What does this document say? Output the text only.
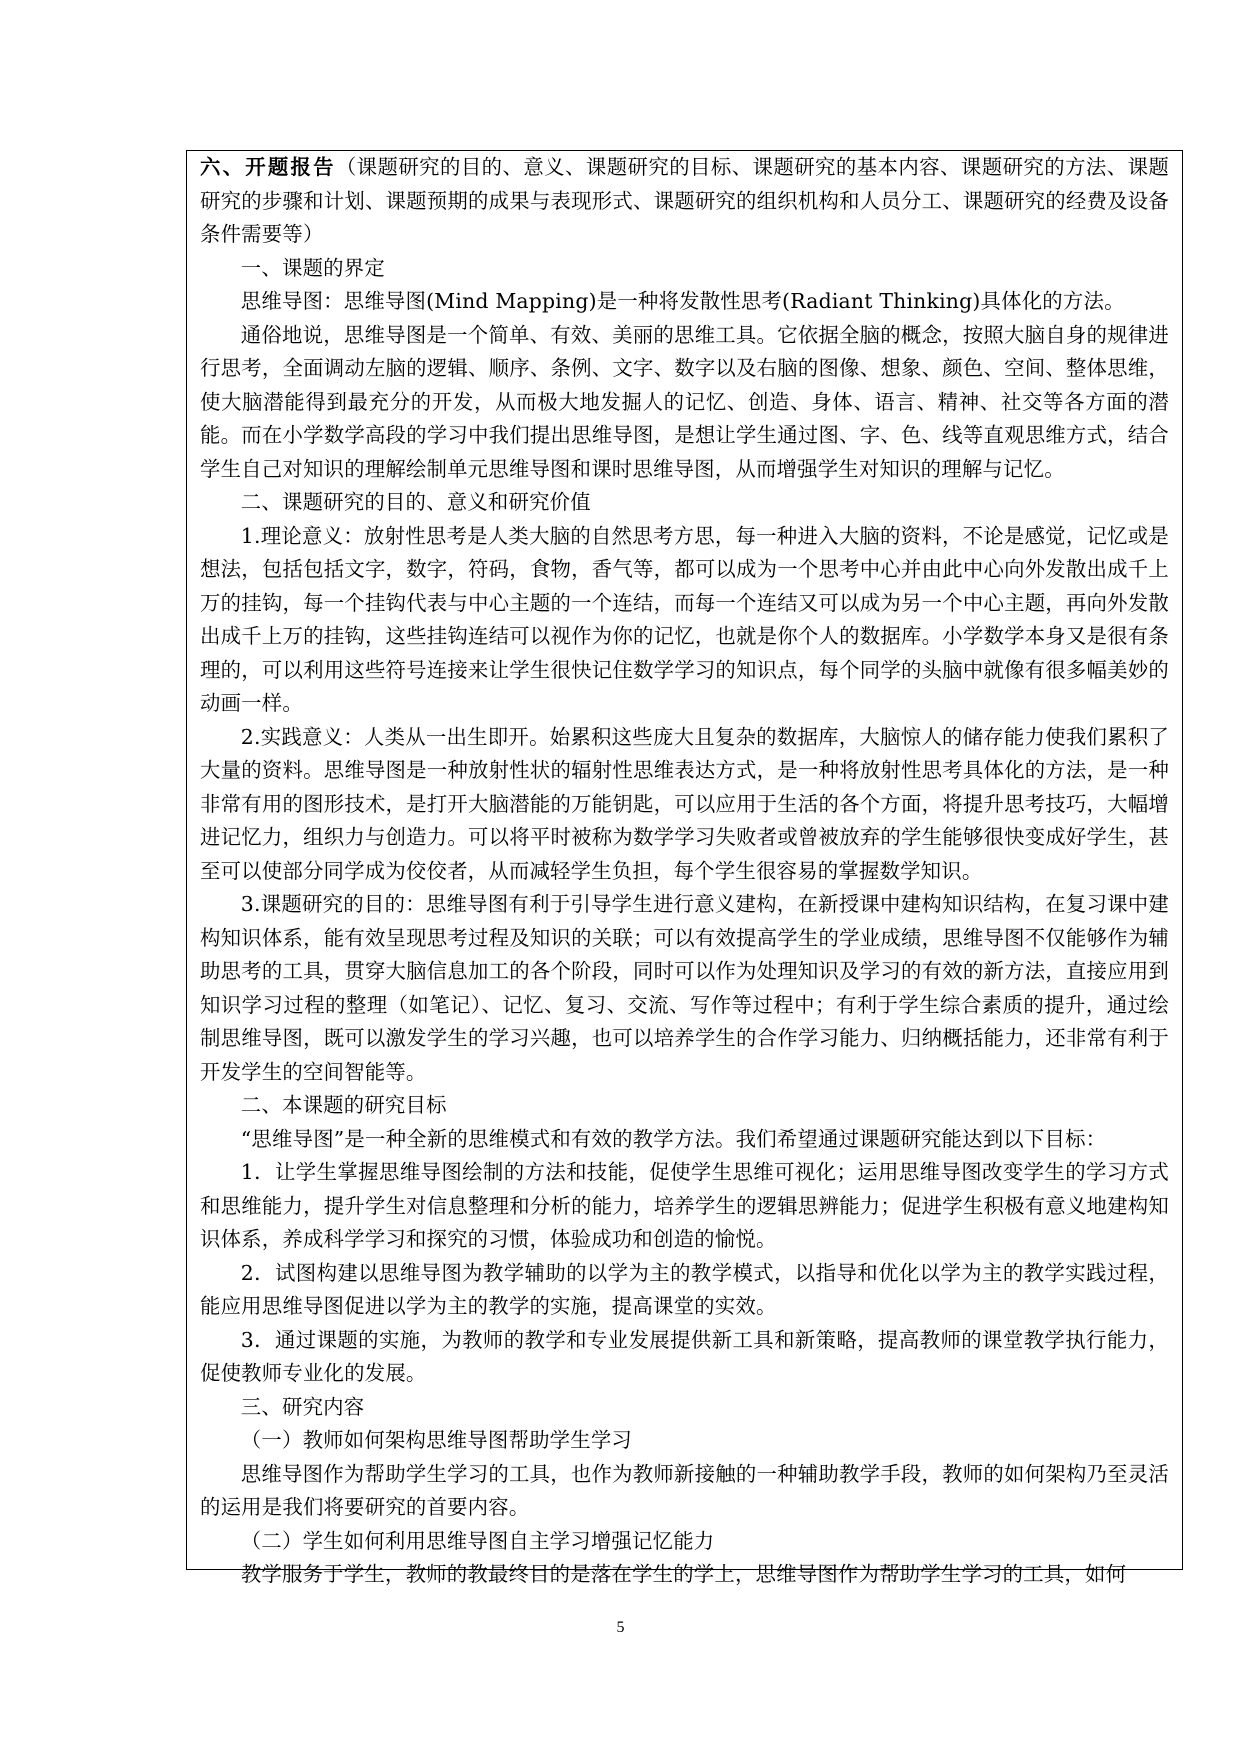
六、开题报告（课题研究的目的、意义、课题研究的目标、课题研究的基本内容、课题研究的方法、课题研究的步骤和计划、课题预期的成果与表现形式、课题研究的组织机构和人员分工、课题研究的经费及设备条件需要等）

一、课题的界定

思维导图：思维导图(Mind Mapping)是一种将发散性思考(Radiant Thinking)具体化的方法。

通俗地说，思维导图是一个简单、有效、美丽的思维工具。它依据全脑的概念，按照大脑自身的规律进行思考，全面调动左脑的逻辑、顺序、条例、文字、数字以及右脑的图像、想象、颜色、空间、整体思维，使大脑潜能得到最充分的开发，从而极大地发掘人的记忆、创造、身体、语言、精神、社交等各方面的潜能。而在小学数学高段的学习中我们提出思维导图，是想让学生通过图、字、色、线等直观思维方式，结合学生自己对知识的理解绘制单元思维导图和课时思维导图，从而增强学生对知识的理解与记忆。

二、课题研究的目的、意义和研究价值

1.理论意义：放射性思考是人类大脑的自然思考方思，每一种进入大脑的资料，不论是感觉，记忆或是想法，包括包括文字，数字，符码，食物，香气等，都可以成为一个思考中心并由此中心向外发散出成千上万的挂钩，每一个挂钩代表与中心主题的一个连结，而每一个连结又可以成为另一个中心主题，再向外发散出成千上万的挂钩，这些挂钩连结可以视作为你的记忆，也就是你个人的数据库。小学数学本身又是很有条理的，可以利用这些符号连接来让学生很快记住数学学习的知识点，每个同学的头脑中就像有很多幅美妙的动画一样。

2.实践意义：人类从一出生即开。始累积这些庞大且复杂的数据库，大脑惊人的储存能力使我们累积了大量的资料。思维导图是一种放射性状的辐射性思维表达方式，是一种将放射性思考具体化的方法，是一种非常有用的图形技术，是打开大脑潜能的万能钥匙，可以应用于生活的各个方面，将提升思考技巧，大幅增进记忆力，组织力与创造力。可以将平时被称为数学学习失败者或曾被放弃的学生能够很快变成好学生，甚至可以使部分同学成为佼佼者，从而减轻学生负担，每个学生很容易的掌握数学知识。

3.课题研究的目的：思维导图有利于引导学生进行意义建构，在新授课中建构知识结构，在复习课中建构知识体系，能有效呈现思考过程及知识的关联；可以有效提高学生的学业成绩，思维导图不仅能够作为辅助思考的工具，贯穿大脑信息加工的各个阶段，同时可以作为处理知识及学习的有效的新方法，直接应用到知识学习过程的整理（如笔记）、记忆、复习、交流、写作等过程中；有利于学生综合素质的提升，通过绘制思维导图，既可以激发学生的学习兴趣，也可以培养学生的合作学习能力、归纳概括能力，还非常有利于开发学生的空间智能等。

二、本课题的研究目标

“思维导图”是一种全新的思维模式和有效的教学方法。我们希望通过课题研究能达到以下目标：

1．让学生掌握思维导图绘制的方法和技能，促使学生思维可视化；运用思维导图改变学生的学习方式和思维能力，提升学生对信息整理和分析的能力，培养学生的逻辑思辨能力；促进学生积极有意义地建构知识体系，养成科学学习和探究的习惯，体验成功和创造的愉悦。

2．试图构建以思维导图为教学辅助的以学为主的教学模式，以指导和优化以学为主的教学实践过程，能应用思维导图促进以学为主的教学的实施，提高课堂的实效。

3．通过课题的实施，为教师的教学和专业发展提供新工具和新策略，提高教师的课堂教学执行能力，促使教师专业化的发展。

三、研究内容

（一）教师如何架构思维导图帮助学生学习

思维导图作为帮助学生学习的工具，也作为教师新接触的一种辅助教学手段，教师的如何架构乃至灵活的运用是我们将要研究的首要内容。

（二）学生如何利用思维导图自主学习增强记忆能力

教学服务于学生，教师的教最终目的是落在学生的学上，思维导图作为帮助学生学习的工具，如何

5
